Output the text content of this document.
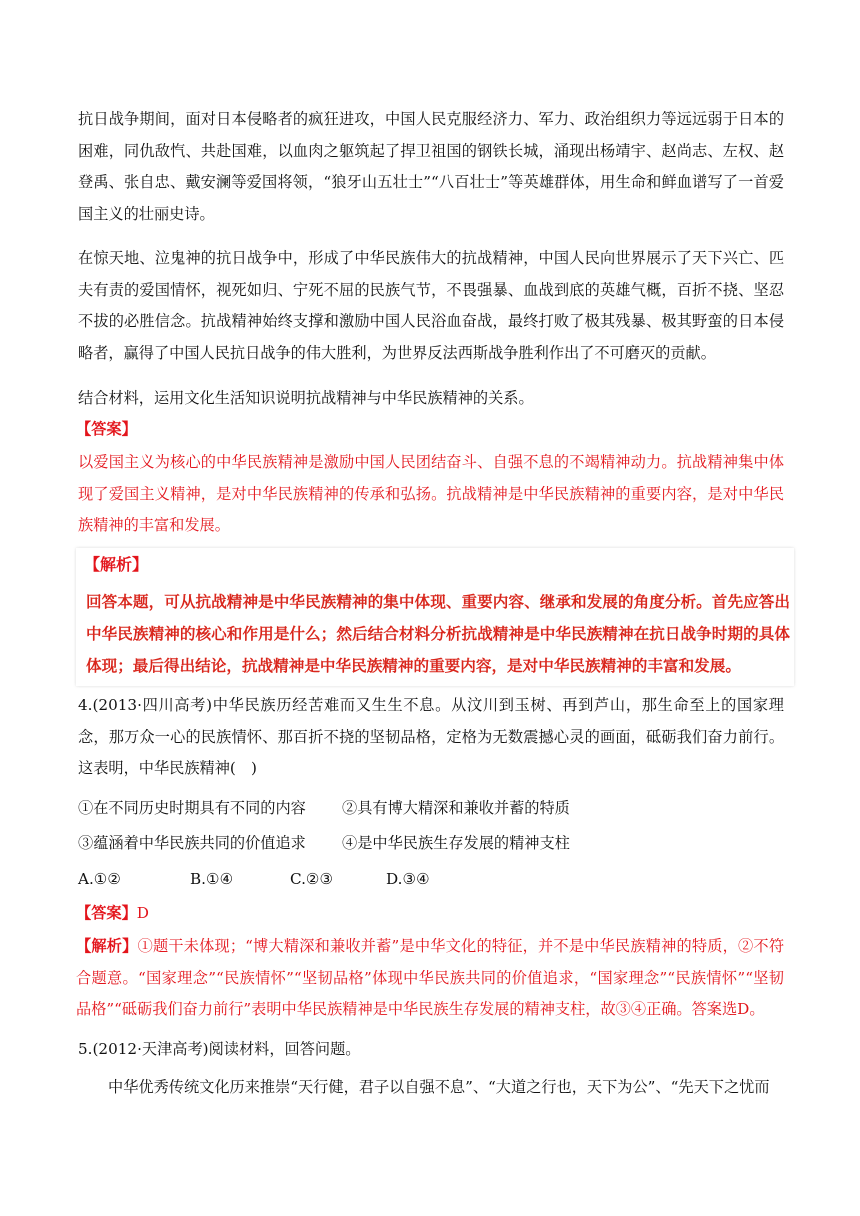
抗日战争期间，面对日本侵略者的疯狂进攻，中国人民克服经济力、军力、政治组织力等远远弱于日本的困难，同仇敌忾、共赴国难，以血肉之躯筑起了捍卫祖国的钢铁长城，涌现出杨靖宇、赵尚志、左权、赵登禹、张自忠、戴安澜等爱国将领，“狼牙山五壮士”“八百壮士”等英雄群体，用生命和鲜血谱写了一首爱国主义的壮丽史诗。

在惊天地、泣鬼神的抗日战争中，形成了中华民族伟大的抗战精神，中国人民向世界展示了天下兴亡、匹夫有责的爱国情怀，视死如归、宁死不屈的民族气节，不畏强暴、血战到底的英雄气概，百折不挠、坚忍不拔的必胜信念。抗战精神始终支撑和激励中国人民浴血奋战，最终打败了极其残暴、极其野蛮的日本侵略者，赢得了中国人民抗日战争的伟大胜利，为世界反法西斯战争胜利作出了不可磨灭的贡献。

结合材料，运用文化生活知识说明抗战精神与中华民族精神的关系。

【答案】

以爱国主义为核心的中华民族精神是激励中国人民团结奋斗、自强不息的不竭精神动力。抗战精神集中体现了爱国主义精神，是对中华民族精神的传承和弘扬。抗战精神是中华民族精神的重要内容，是对中华民族精神的丰富和发展。

【解析】

回答本题，可从抗战精神是中华民族精神的集中体现、重要内容、继承和发展的角度分析。首先应答出中华民族精神的核心和作用是什么；然后结合材料分析抗战精神是中华民族精神在抗日战争时期的具体体现；最后得出结论，抗战精神是中华民族精神的重要内容，是对中华民族精神的丰富和发展。

4.(2013·四川高考)中华民族历经苦难而又生生不息。从汶川到玉树、再到芦山，那生命至上的国家理念，那万众一心的民族情怀、那百折不挠的坚韧品格，定格为无数震撼心灵的画面，砥砺我们奋力前行。这表明，中华民族精神(　)

①在不同历史时期具有不同的内容 ②具有博大精深和兼收并蓄的特质
③蕴涵着中华民族共同的价值追求 ④是中华民族生存发展的精神支柱
A.①②	B.①④	C.②③	D.③④

【答案】D

【解析】①题干未体现；“博大精深和兼收并蓄”是中华文化的特征，并不是中华民族精神的特质，②不符合题意。“国家理念”“民族情怀”“坚韧品格”体现中华民族共同的价值追求，“国家理念”“民族情怀”“坚韧品格”“砥砺我们奋力前行”表明中华民族精神是中华民族生存发展的精神支柱，故③④正确。答案选D。

5.(2012·天津高考)阅读材料，回答问题。

中华优秀传统文化历来推崇“天行健，君子以自强不息”、“大道之行也，天下为公”、“先天下之忧而
